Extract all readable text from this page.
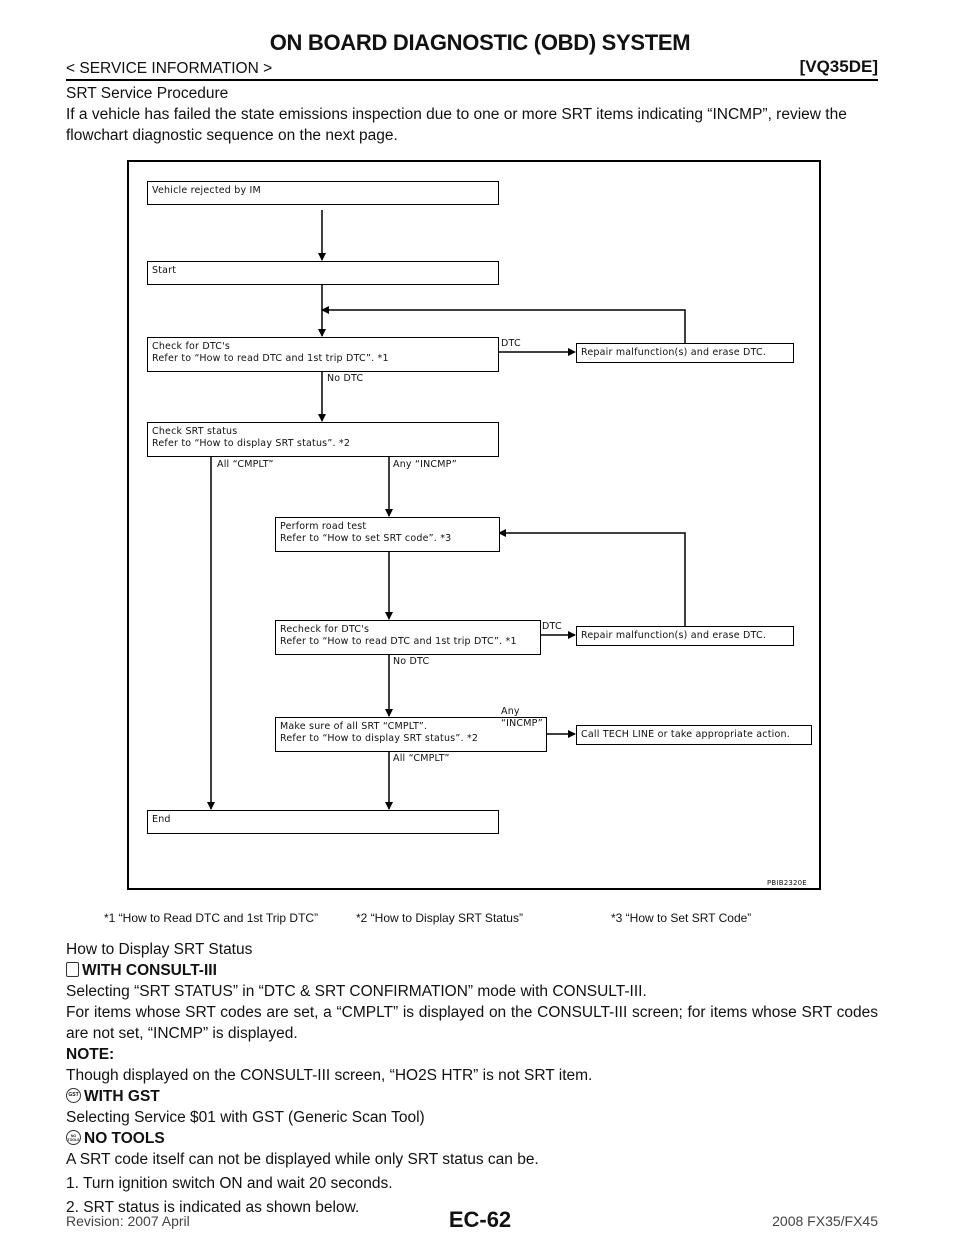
ON BOARD DIAGNOSTIC (OBD) SYSTEM
< SERVICE INFORMATION >	[VQ35DE]
SRT Service Procedure
If a vehicle has failed the state emissions inspection due to one or more SRT items indicating “INCMP”, review the flowchart diagnostic sequence on the next page.
Vehicle rejected by IM
Start
Check for DTC's
Refer to “How to read DTC and 1st trip DTC”. *1
Repair malfunction(s) and erase DTC.
Check SRT status
Refer to “How to display SRT status”. *2
Perform road test
Refer to “How to set SRT code”. *3
Recheck for DTC's
Refer to “How to read DTC and 1st trip DTC”. *1
Repair malfunction(s) and erase DTC.
Make sure of all SRT “CMPLT”.
Refer to “How to display SRT status”. *2	Call TECH LINE or take appropriate action.
End
DTC
No DTC
All “CMPLT”	Any “INCMP”
DTC
No DTC
Any
“INCMP”
All “CMPLT”
PBIB2320E
*1 “How to Read DTC and 1st Trip DTC”	*2 “How to Display SRT Status”	*3 “How to Set SRT Code”
How to Display SRT Status
WITH CONSULT-III
Selecting “SRT STATUS” in “DTC & SRT CONFIRMATION” mode with CONSULT-III.
For items whose SRT codes are set, a “CMPLT” is displayed on the CONSULT-III screen; for items whose SRT codes are not set, “INCMP” is displayed.
NOTE:
Though displayed on the CONSULT-III screen, “HO2S HTR” is not SRT item.
GST WITH GST
Selecting Service $01 with GST (Generic Scan Tool)
NO TOOLS NO TOOLS
A SRT code itself can not be displayed while only SRT status can be.
1. Turn ignition switch ON and wait 20 seconds.
2. SRT status is indicated as shown below.
Revision: 2007 April	EC-62	2008 FX35/FX45
